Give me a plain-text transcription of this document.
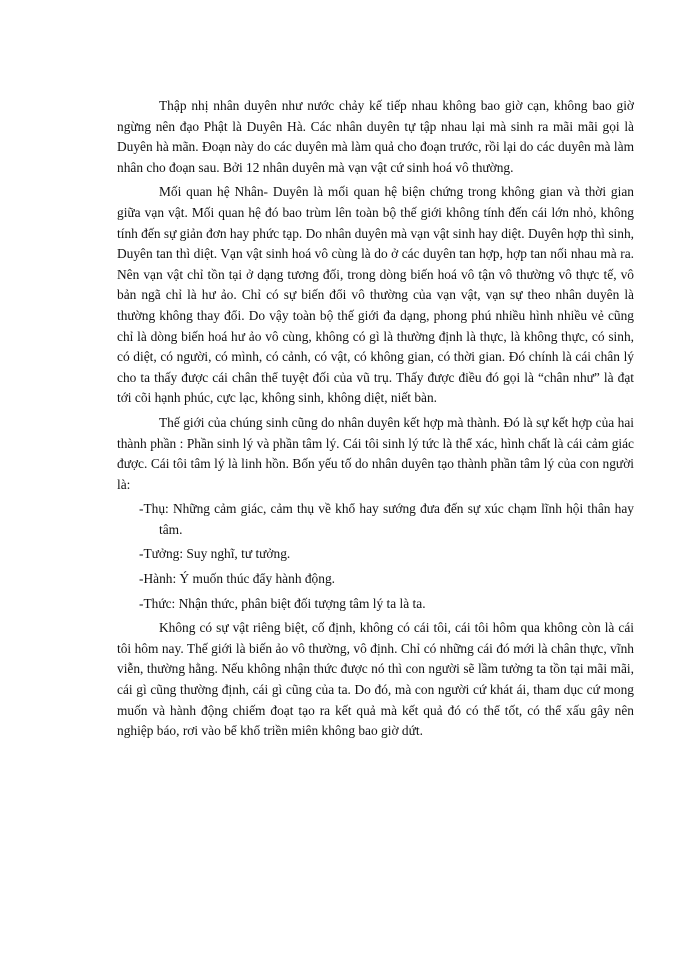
Thập nhị nhân duyên như nước chảy kế tiếp nhau không bao giờ cạn, không bao giờ ngừng nên đạo Phật là Duyên Hà. Các nhân duyên tự tập nhau lại mà sinh ra mãi mãi gọi là Duyên hà mãn. Đoạn này do các duyên mà làm quả cho đoạn trước, rồi lại do các duyên mà làm nhân cho đoạn sau. Bởi 12 nhân duyên mà vạn vật cứ sinh hoá vô thường.

Mối quan hệ Nhân- Duyên là mối quan hệ biện chứng trong không gian và thời gian giữa vạn vật. Mối quan hệ đó bao trùm lên toàn bộ thế giới không tính đến cái lớn nhỏ, không tính đến sự giản đơn hay phức tạp. Do nhân duyên mà vạn vật sinh hay diệt. Duyên hợp thì sinh, Duyên tan thì diệt. Vạn vật sinh hoá vô cùng là do ở các duyên tan hợp, hợp tan nối nhau mà ra. Nên vạn vật chỉ tồn tại ở dạng tương đối, trong dòng biến hoá vô tận vô thường vô thực tế, vô bản ngã chỉ là hư ảo. Chỉ có sự biến đổi vô thường của vạn vật, vạn sự theo nhân duyên là thường không thay đổi. Do vậy toàn bộ thế giới đa dạng, phong phú nhiều hình nhiều vẻ cũng chỉ là dòng biến hoá hư ảo vô cùng, không có gì là thường định là thực, là không thực, có sinh, có diệt, có người, có mình, có cảnh, có vật, có không gian, có thời gian. Đó chính là cái chân lý cho ta thấy được cái chân thể tuyệt đối của vũ trụ. Thấy được điều đó gọi là “chân như” là đạt tới cõi hạnh phúc, cực lạc, không sinh, không diệt, niết bàn.

Thế giới của chúng sinh cũng do nhân duyên kết hợp mà thành. Đó là sự kết hợp của hai thành phần : Phần sinh lý và phần tâm lý. Cái tôi sinh lý tức là thể xác, hình chất là cái cảm giác được. Cái tôi tâm lý là linh hồn. Bốn yếu tố do nhân duyên tạo thành phần tâm lý của con người là:

-Thụ: Những cảm giác, cảm thụ về khổ hay sướng đưa đến sự xúc chạm lĩnh hội thân hay tâm.

-Tưởng: Suy nghĩ, tư tưởng.

-Hành: Ý muốn thúc đẩy hành động.

-Thức: Nhận thức, phân biệt đối tượng tâm lý ta là ta.

Không có sự vật riêng biệt, cố định, không có cái tôi, cái tôi hôm qua không còn là cái tôi hôm nay. Thế giới là biến ảo vô thường, vô định. Chỉ có những cái đó mới là chân thực, vĩnh viễn, thường hằng. Nếu không nhận thức được nó thì con người sẽ lầm tưởng ta tồn tại mãi mãi, cái gì cũng thường định, cái gì cũng của ta. Do đó, mà con người cứ khát ái, tham dục cứ mong muốn và hành động chiếm đoạt tạo ra kết quả mà kết quả đó có thể tốt, có thể xấu gây nên nghiệp báo, rơi vào bể khổ triền miên không bao giờ dứt.
